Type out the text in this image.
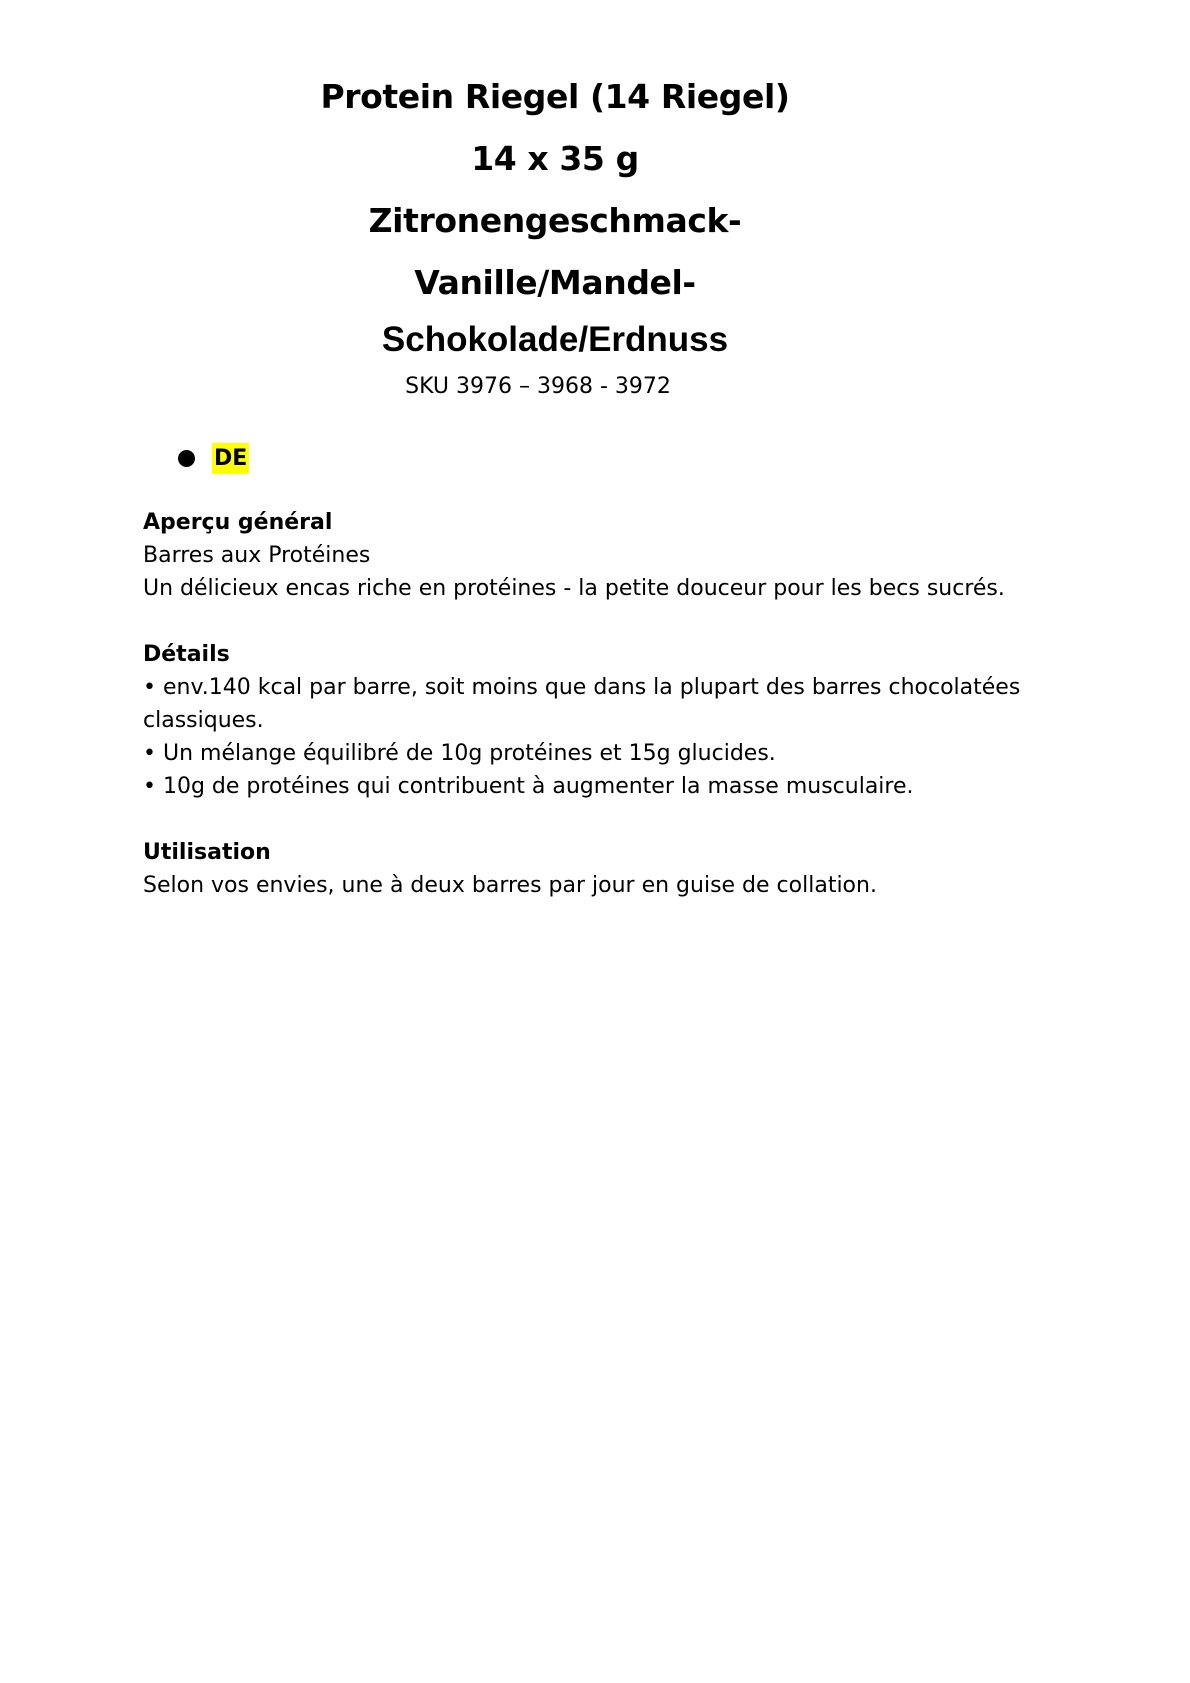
Protein Riegel (14 Riegel)
14 x 35 g
Zitronengeschmack-
Vanille/Mandel-
Schokolade/Erdnuss
SKU 3976 – 3968 - 3972
DE
Aperçu général
Barres aux Protéines
Un délicieux encas riche en protéines - la petite douceur pour les becs sucrés.
Détails
• env.140 kcal par barre, soit moins que dans la plupart des barres chocolatées classiques.
• Un mélange équilibré de 10g protéines et 15g glucides.
• 10g de protéines qui contribuent à augmenter la masse musculaire.
Utilisation
Selon vos envies, une à deux barres par jour en guise de collation.
